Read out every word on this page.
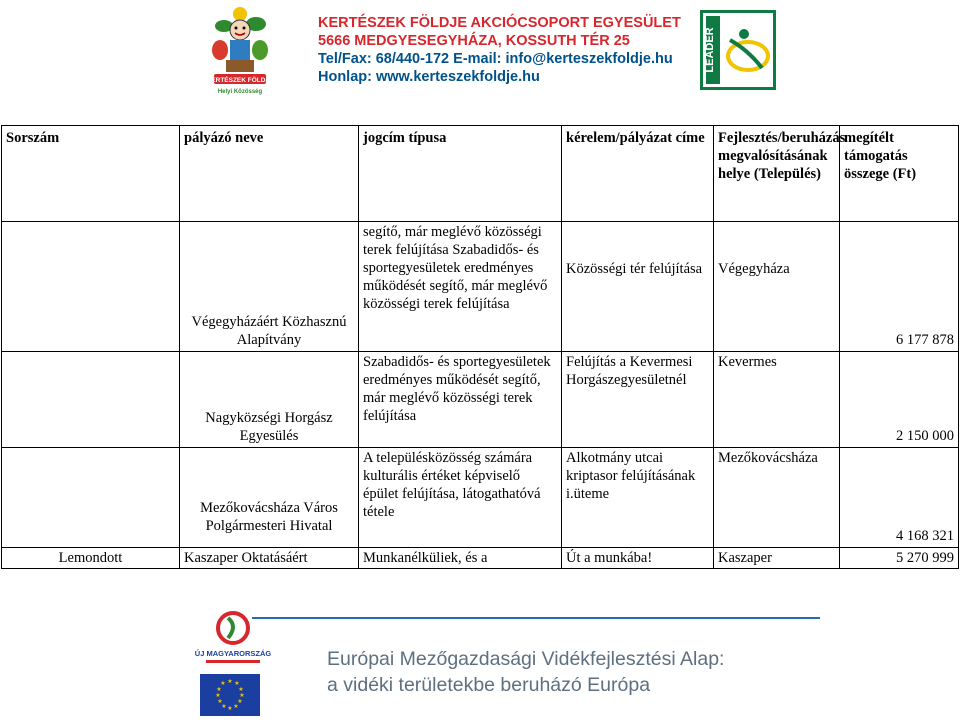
KERTÉSZEK FÖLDJE
Helyi Közösség
KERTÉSZEK FÖLDJE AKCIÓCSOPORT EGYESÜLET
5666 MEDGYESEGYHÁZA, KOSSUTH TÉR 25
Tel/Fax: 68/440-172 E-mail: info@kerteszekfoldje.hu
Honlap: www.kerteszekfoldje.hu
LEADER
Sorszám	pályázó neve	jogcím típusa	kérelem/pályázat címe	Fejlesztés/beruházás megvalósításának helye (Település)	megítélt támogatás összege (Ft)
	Végegyházáért Közhasznú Alapítvány	segítő, már meglévő közösségi terek felújítása Szabadidős- és sportegyesületek eredményes működését segítő, már meglévő közösségi terek felújítása	Közösségi tér felújítása	Végegyháza	6 177 878
	Nagyközségi Horgász Egyesülés	Szabadidős- és sportegyesületek eredményes működését segítő, már meglévő közösségi terek felújítása	Felújítás a Kevermesi Horgászegyesületnél	Kevermes	2 150 000
	Mezőkovácsháza Város Polgármesteri Hivatal	A településközösség számára kulturális értéket képviselő épület felújítása, látogathatóvá tétele	Alkotmány utcai kriptasor felújításának i.üteme	Mezőkovácsháza	4 168 321
Lemondott	Kaszaper Oktatásáért	Munkanélküliek, és a	Út a munkába!	Kaszaper	5 270 999
ÚJ MAGYARORSZÁG
★ ★
★
★
★
★
★
★
★
★
★
★
Európai Mezőgazdasági Vidékfejlesztési Alap:
a vidéki területekbe beruházó Európa
